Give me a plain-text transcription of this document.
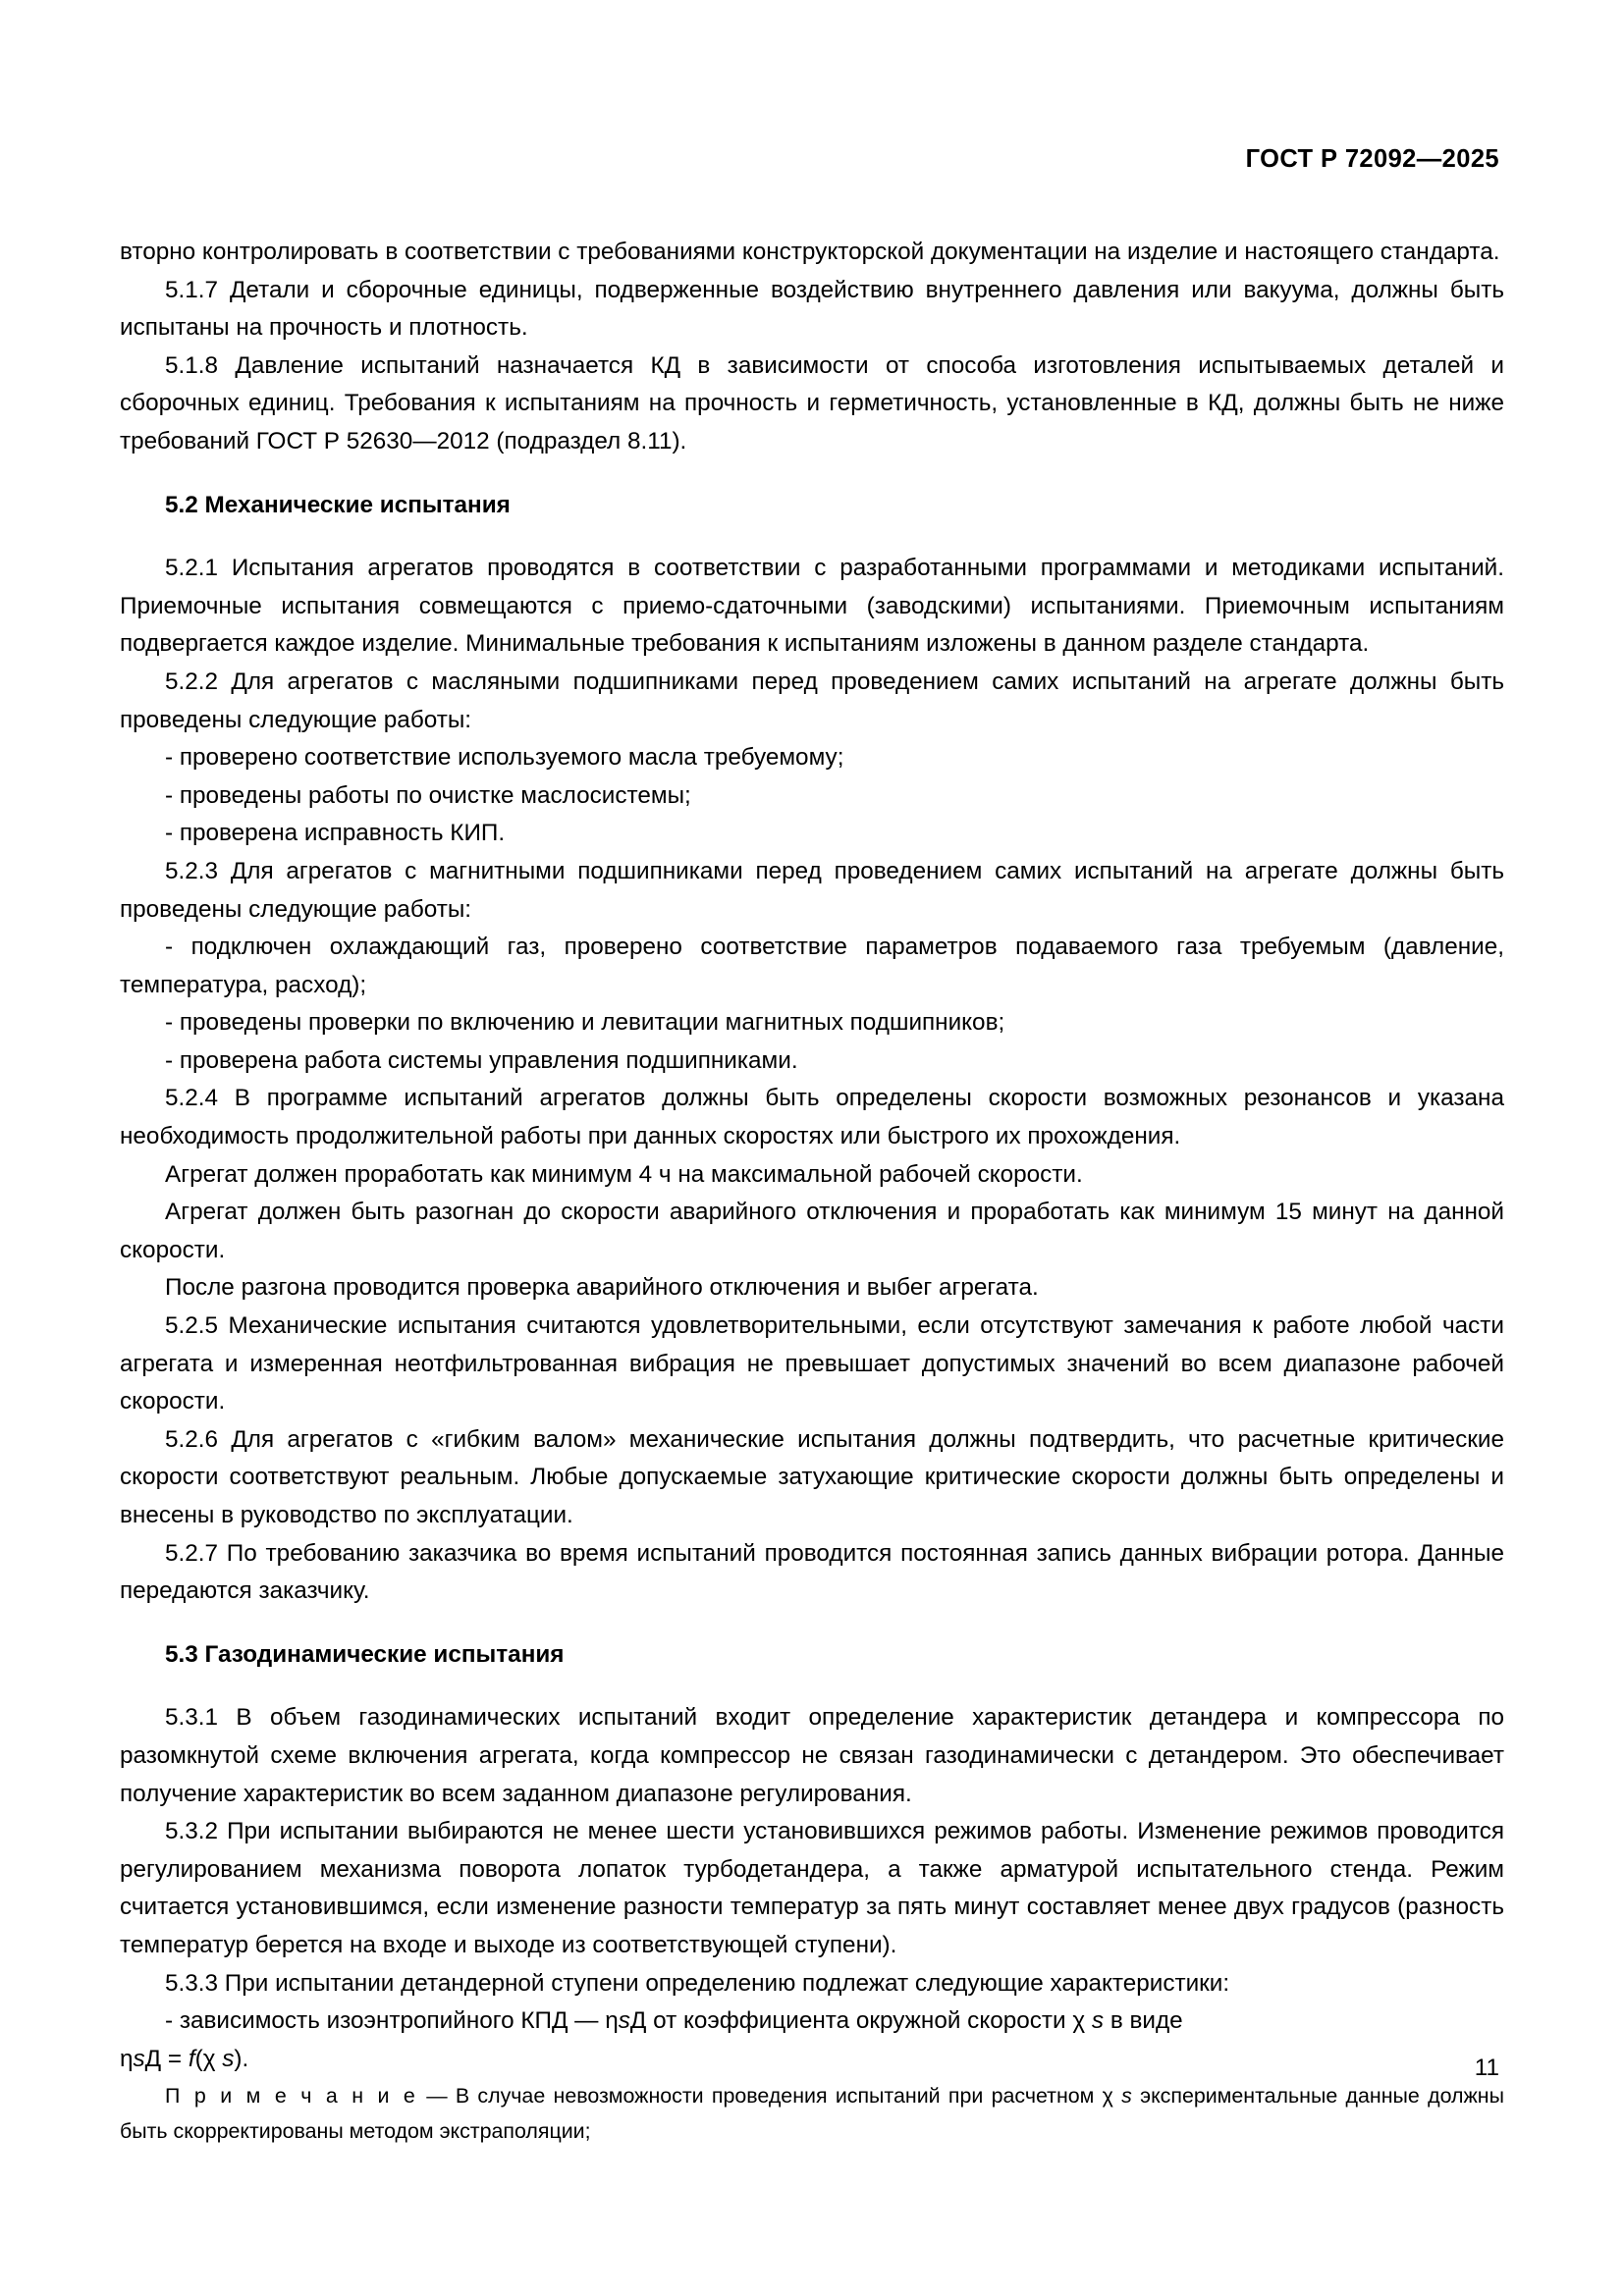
ГОСТ Р 72092—2025

вторно контролировать в соответствии с требованиями конструкторской документации на изделие и настоящего стандарта.

5.1.7 Детали и сборочные единицы, подверженные воздействию внутреннего давления или вакуума, должны быть испытаны на прочность и плотность.

5.1.8 Давление испытаний назначается КД в зависимости от способа изготовления испытываемых деталей и сборочных единиц. Требования к испытаниям на прочность и герметичность, установленные в КД, должны быть не ниже требований ГОСТ Р 52630—2012 (подраздел 8.11).

5.2 Механические испытания

5.2.1 Испытания агрегатов проводятся в соответствии с разработанными программами и методиками испытаний. Приемочные испытания совмещаются с приемо-сдаточными (заводскими) испытаниями. Приемочным испытаниям подвергается каждое изделие. Минимальные требования к испытаниям изложены в данном разделе стандарта.

5.2.2 Для агрегатов с масляными подшипниками перед проведением самих испытаний на агрегате должны быть проведены следующие работы:

- проверено соответствие используемого масла требуемому;

- проведены работы по очистке маслосистемы;

- проверена исправность КИП.

5.2.3 Для агрегатов с магнитными подшипниками перед проведением самих испытаний на агрегате должны быть проведены следующие работы:

- подключен охлаждающий газ, проверено соответствие параметров подаваемого газа требуемым (давление, температура, расход);

- проведены проверки по включению и левитации магнитных подшипников;

- проверена работа системы управления подшипниками.

5.2.4 В программе испытаний агрегатов должны быть определены скорости возможных резонансов и указана необходимость продолжительной работы при данных скоростях или быстрого их прохождения.

Агрегат должен проработать как минимум 4 ч на максимальной рабочей скорости.

Агрегат должен быть разогнан до скорости аварийного отключения и проработать как минимум 15 минут на данной скорости.

После разгона проводится проверка аварийного отключения и выбег агрегата.

5.2.5 Механические испытания считаются удовлетворительными, если отсутствуют замечания к работе любой части агрегата и измеренная неотфильтрованная вибрация не превышает допустимых значений во всем диапазоне рабочей скорости.

5.2.6 Для агрегатов с «гибким валом» механические испытания должны подтвердить, что расчетные критические скорости соответствуют реальным. Любые допускаемые затухающие критические скорости должны быть определены и внесены в руководство по эксплуатации.

5.2.7 По требованию заказчика во время испытаний проводится постоянная запись данных вибрации ротора. Данные передаются заказчику.

5.3 Газодинамические испытания

5.3.1 В объем газодинамических испытаний входит определение характеристик детандера и компрессора по разомкнутой схеме включения агрегата, когда компрессор не связан газодинамически с детандером. Это обеспечивает получение характеристик во всем заданном диапазоне регулирования.

5.3.2 При испытании выбираются не менее шести установившихся режимов работы. Изменение режимов проводится регулированием механизма поворота лопаток турбодетандера, а также арматурой испытательного стенда. Режим считается установившимся, если изменение разности температур за пять минут составляет менее двух градусов (разность температур берется на входе и выходе из соответствующей ступени).

5.3.3 При испытании детандерной ступени определению подлежат следующие характеристики:

- зависимость изоэнтропийного КПД — ηsД от коэффициента окружной скорости χ s в виде

ηsД = f(χ s).

П р и м е ч а н и е — В случае невозможности проведения испытаний при расчетном χ s экспериментальные данные должны быть скорректированы методом экстраполяции;

11
